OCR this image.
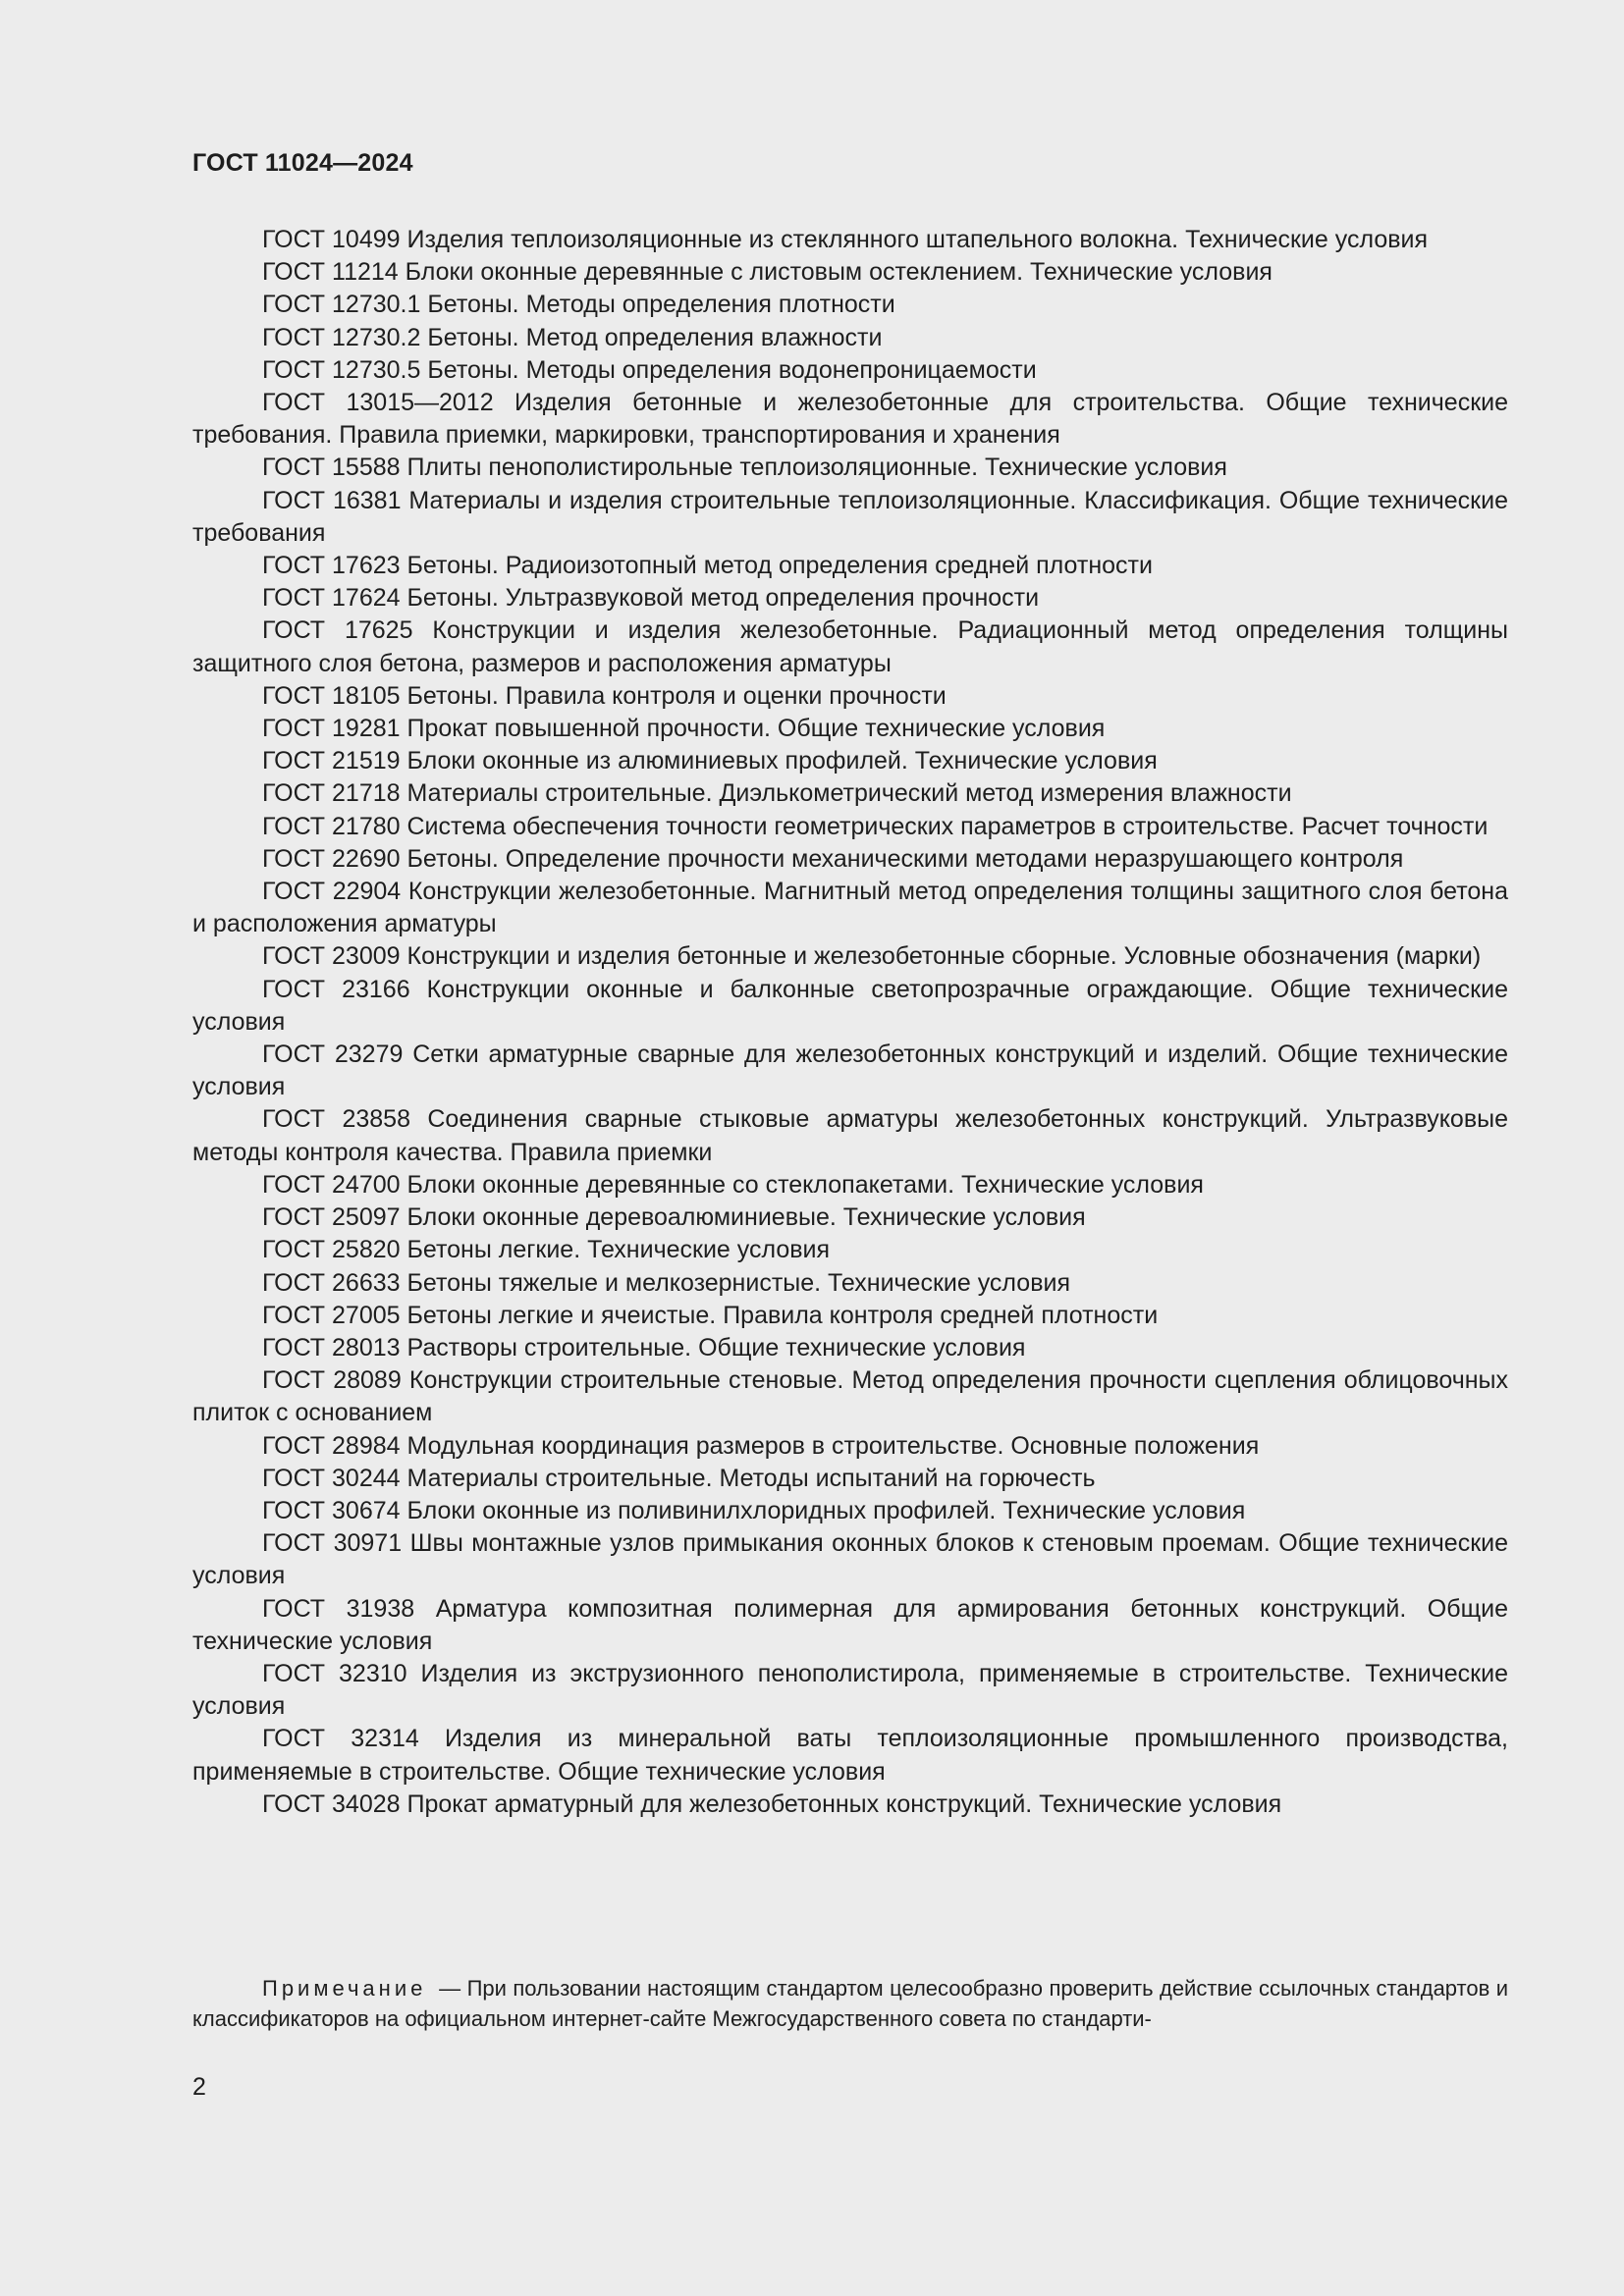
ГОСТ 11024—2024
ГОСТ 10499 Изделия теплоизоляционные из стеклянного штапельного волокна. Технические условия
ГОСТ 11214 Блоки оконные деревянные с листовым остеклением. Технические условия
ГОСТ 12730.1 Бетоны. Методы определения плотности
ГОСТ 12730.2 Бетоны. Метод определения влажности
ГОСТ 12730.5 Бетоны. Методы определения водонепроницаемости
ГОСТ 13015—2012 Изделия бетонные и железобетонные для строительства. Общие технические требования. Правила приемки, маркировки, транспортирования и хранения
ГОСТ 15588 Плиты пенополистирольные теплоизоляционные. Технические условия
ГОСТ 16381 Материалы и изделия строительные теплоизоляционные. Классификация. Общие технические требования
ГОСТ 17623 Бетоны. Радиоизотопный метод определения средней плотности
ГОСТ 17624 Бетоны. Ультразвуковой метод определения прочности
ГОСТ 17625 Конструкции и изделия железобетонные. Радиационный метод определения толщины защитного слоя бетона, размеров и расположения арматуры
ГОСТ 18105 Бетоны. Правила контроля и оценки прочности
ГОСТ 19281 Прокат повышенной прочности. Общие технические условия
ГОСТ 21519 Блоки оконные из алюминиевых профилей. Технические условия
ГОСТ 21718 Материалы строительные. Диэлькометрический метод измерения влажности
ГОСТ 21780 Система обеспечения точности геометрических параметров в строительстве. Расчет точности
ГОСТ 22690 Бетоны. Определение прочности механическими методами неразрушающего контроля
ГОСТ 22904 Конструкции железобетонные. Магнитный метод определения толщины защитного слоя бетона и расположения арматуры
ГОСТ 23009 Конструкции и изделия бетонные и железобетонные сборные. Условные обозначения (марки)
ГОСТ 23166 Конструкции оконные и балконные светопрозрачные ограждающие. Общие технические условия
ГОСТ 23279 Сетки арматурные сварные для железобетонных конструкций и изделий. Общие технические условия
ГОСТ 23858 Соединения сварные стыковые арматуры железобетонных конструкций. Ультразвуковые методы контроля качества. Правила приемки
ГОСТ 24700 Блоки оконные деревянные со стеклопакетами. Технические условия
ГОСТ 25097 Блоки оконные деревоалюминиевые. Технические условия
ГОСТ 25820 Бетоны легкие. Технические условия
ГОСТ 26633 Бетоны тяжелые и мелкозернистые. Технические условия
ГОСТ 27005 Бетоны легкие и ячеистые. Правила контроля средней плотности
ГОСТ 28013 Растворы строительные. Общие технические условия
ГОСТ 28089 Конструкции строительные стеновые. Метод определения прочности сцепления облицовочных плиток с основанием
ГОСТ 28984 Модульная координация размеров в строительстве. Основные положения
ГОСТ 30244 Материалы строительные. Методы испытаний на горючесть
ГОСТ 30674 Блоки оконные из поливинилхлоридных профилей. Технические условия
ГОСТ 30971 Швы монтажные узлов примыкания оконных блоков к стеновым проемам. Общие технические условия
ГОСТ 31938 Арматура композитная полимерная для армирования бетонных конструкций. Общие технические условия
ГОСТ 32310 Изделия из экструзионного пенополистирола, применяемые в строительстве. Технические условия
ГОСТ 32314 Изделия из минеральной ваты теплоизоляционные промышленного производства, применяемые в строительстве. Общие технические условия
ГОСТ 34028 Прокат арматурный для железобетонных конструкций. Технические условия

Примечание — При пользовании настоящим стандартом целесообразно проверить действие ссылочных стандартов и классификаторов на официальном интернет-сайте Межгосударственного совета по стандарти-

2
